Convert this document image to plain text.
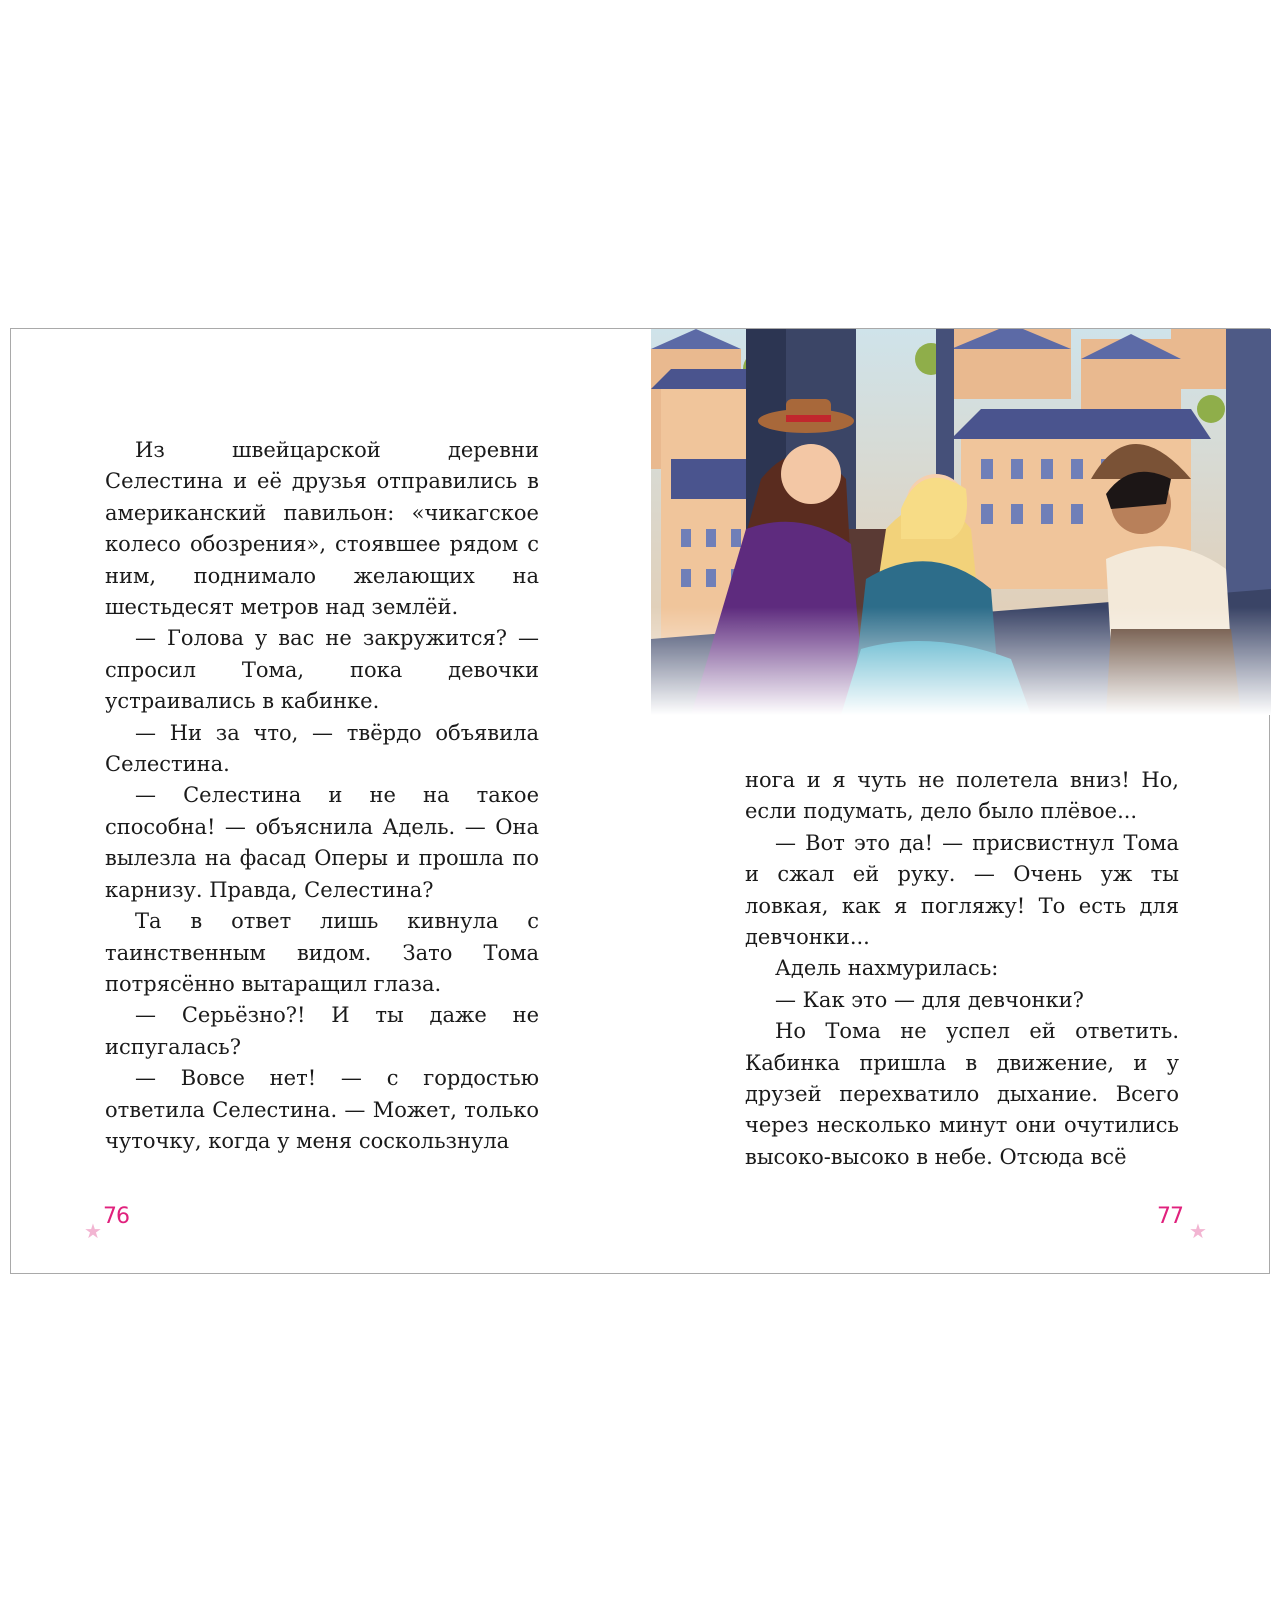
Из швейцарской деревни Селестина и её друзья отправились в американский павильон: «чикагское колесо обозрения», стоявшее рядом с ним, поднимало желающих на шестьдесят метров над землёй.

— Голова у вас не закружится? — спросил Тома, пока девочки устраивались в кабинке.

— Ни за что, — твёрдо объявила Селестина.

— Селестина и не на такое способна! — объяснила Адель. — Она вылезла на фасад Оперы и прошла по карнизу. Правда, Селестина?

Та в ответ лишь кивнула с таинственным видом. Зато Тома потрясённо вытаращил глаза.

— Серьёзно?! И ты даже не испугалась?

— Вовсе нет! — с гордостью ответила Селестина. — Может, только чуточку, когда у меня соскользнула

★
76

нога и я чуть не полетела вниз! Но, если подумать, дело было плёвое...

— Вот это да! — присвистнул Тома и сжал ей руку. — Очень уж ты ловкая, как я погляжу! То есть для девчонки...

Адель нахмурилась:

— Как это — для девчонки?

Но Тома не успел ей ответить. Кабинка пришла в движение, и у друзей перехватило дыхание. Всего через несколько минут они очутились высоко-высоко в небе. Отсюда всё

77
★
